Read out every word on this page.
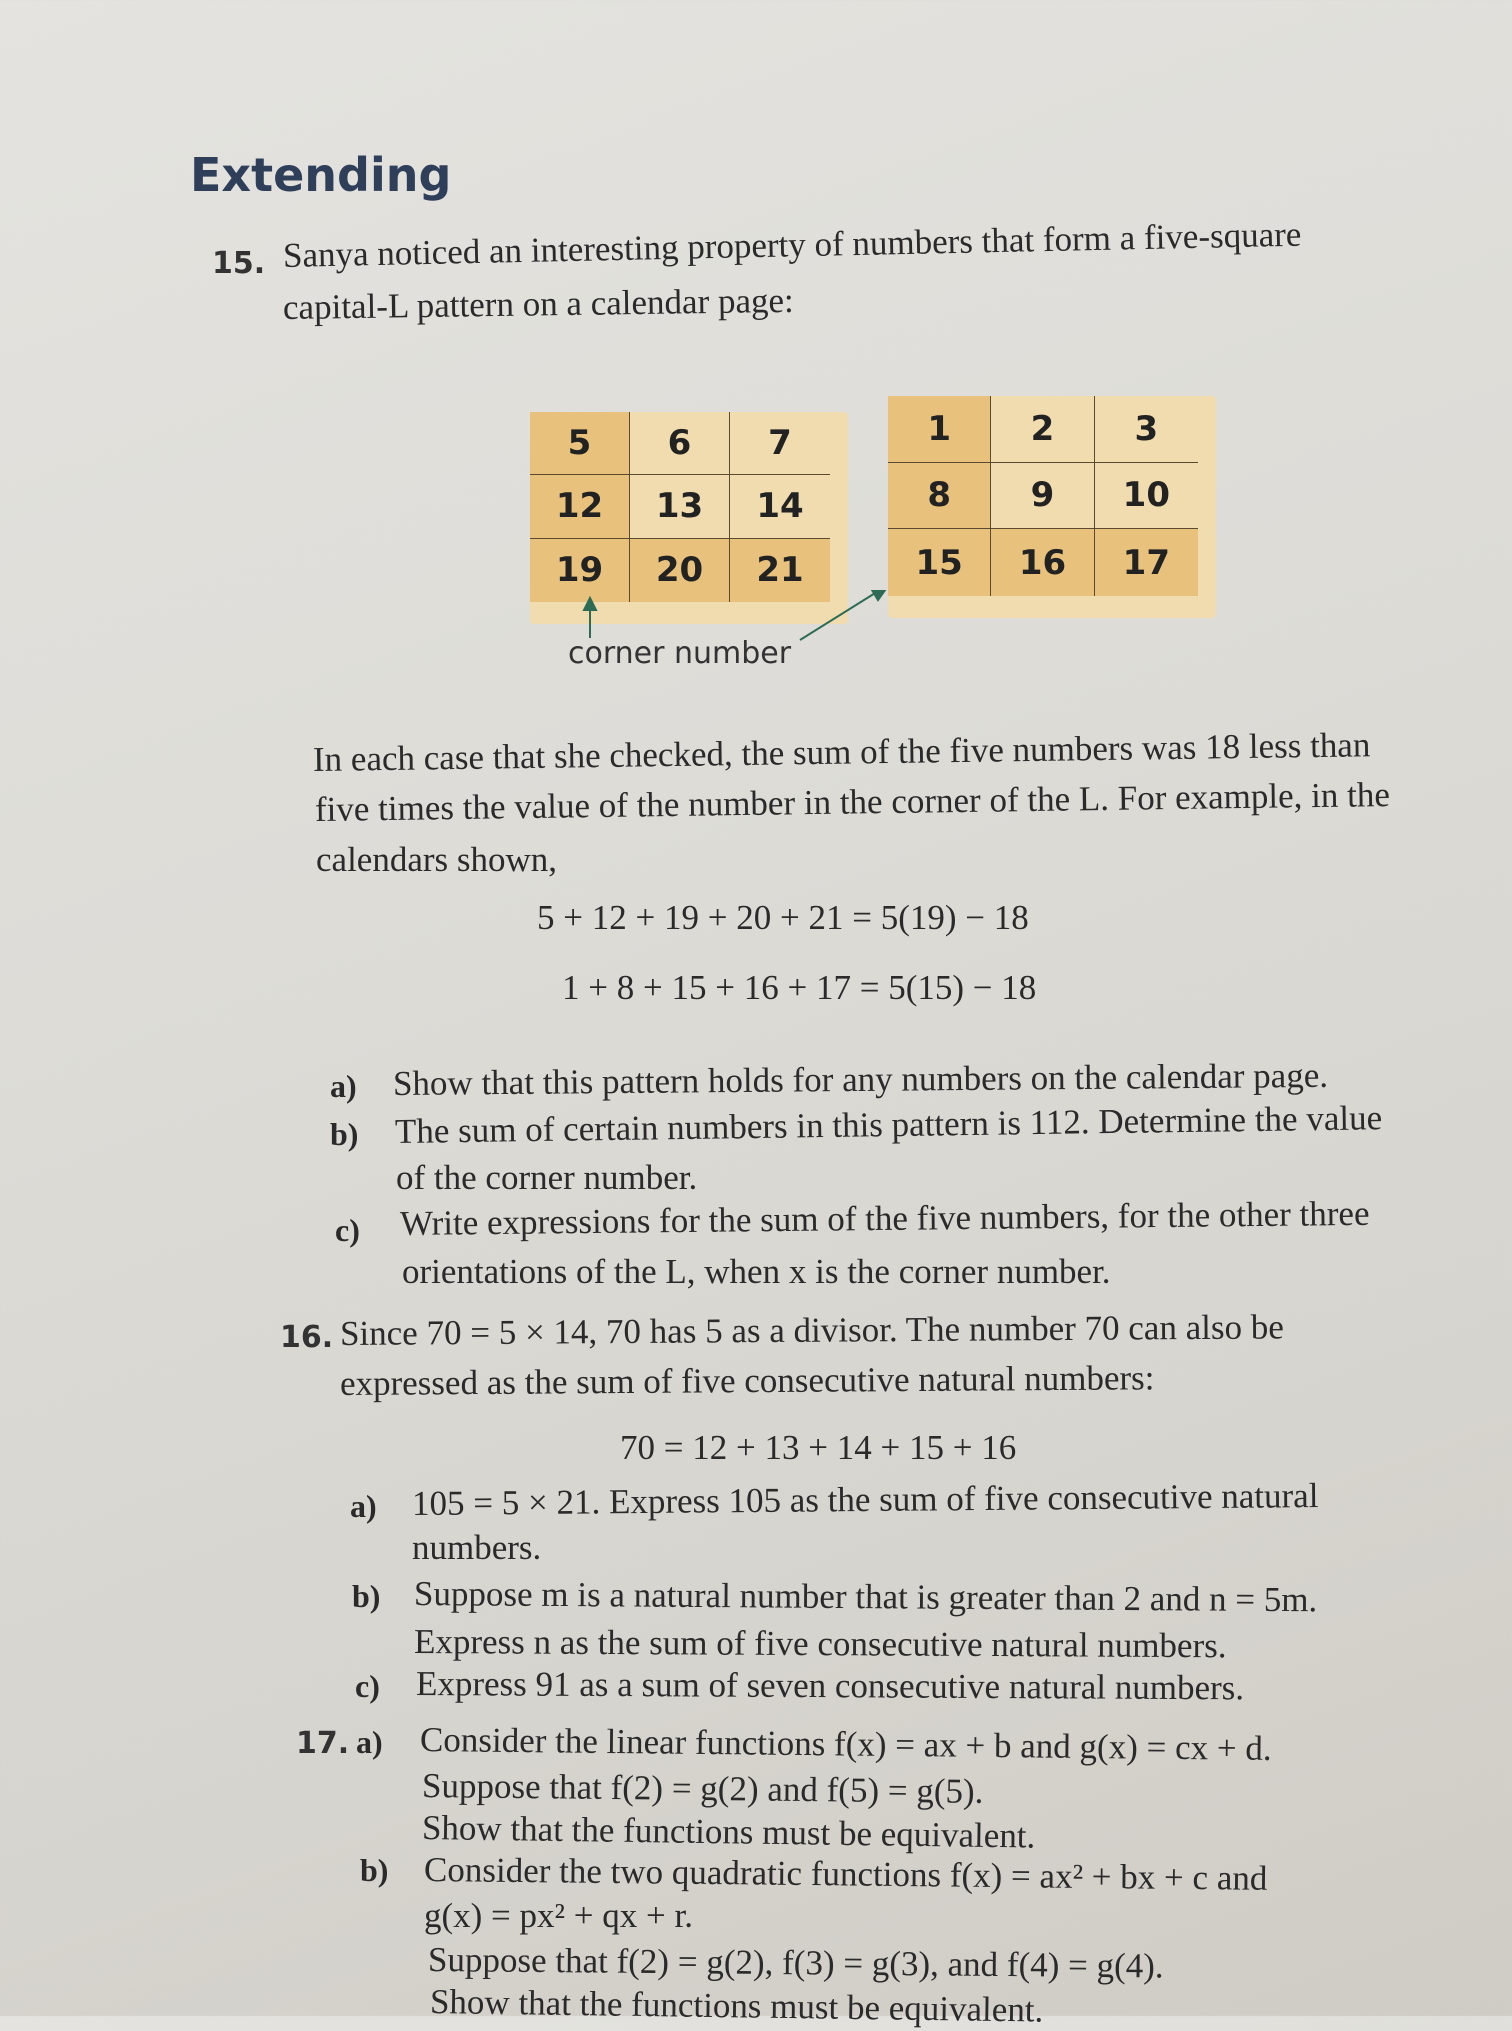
Extending
15. Sanya noticed an interesting property of numbers that form a five-square
capital-L pattern on a calendar page:
5	6	7
12	13	14
19	20	21
1	2	3
8	9	10
15	16	17
corner number
In each case that she checked, the sum of the five numbers was 18 less than
five times the value of the number in the corner of the L. For example, in the
calendars shown,
5 + 12 + 19 + 20 + 21 = 5(19) − 18
1 + 8 + 15 + 16 + 17 = 5(15) − 18
a) Show that this pattern holds for any numbers on the calendar page.
b) The sum of certain numbers in this pattern is 112. Determine the value
of the corner number.
c) Write expressions for the sum of the five numbers, for the other three
orientations of the L, when x is the corner number.
16. Since 70 = 5 × 14, 70 has 5 as a divisor. The number 70 can also be
expressed as the sum of five consecutive natural numbers:
70 = 12 + 13 + 14 + 15 + 16
a) 105 = 5 × 21. Express 105 as the sum of five consecutive natural
numbers.
b) Suppose m is a natural number that is greater than 2 and n = 5m.
Express n as the sum of five consecutive natural numbers.
c) Express 91 as a sum of seven consecutive natural numbers.
17. a) Consider the linear functions f(x) = ax + b and g(x) = cx + d.
Suppose that f(2) = g(2) and f(5) = g(5).
Show that the functions must be equivalent.
b) Consider the two quadratic functions f(x) = ax² + bx + c and
g(x) = px² + qx + r.
Suppose that f(2) = g(2), f(3) = g(3), and f(4) = g(4).
Show that the functions must be equivalent.
